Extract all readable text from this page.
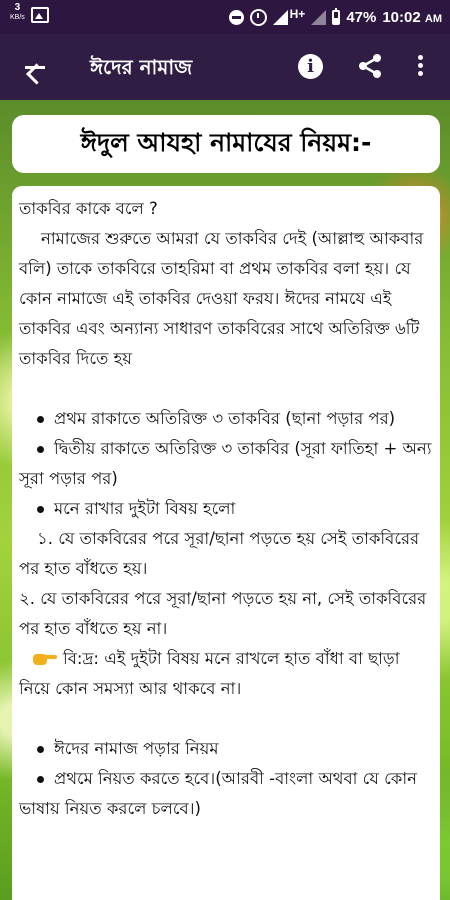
3
KB/s	H+	47% 10:02 AM
ঈদের নামাজ	i
ঈদুল আযহা নামাযের নিয়ম:-

তাকবির কাকে বলে ?

নামাজের শুরুতে আমরা যে তাকবির দেই (আল্লাহু আকবার বলি) তাকে তাকবিরে তাহরিমা বা প্রথম তাকবির বলা হয়। যে কোন নামাজে এই তাকবির দেওয়া ফরয। ঈদের নামযে এই তাকবির এবং অন্যান্য সাধারণ তাকবিরের সাথে অতিরিক্ত ৬টি তাকবির দিতে হয়

প্রথম রাকাতে অতিরিক্ত ৩ তাকবির (ছানা পড়ার পর)

দ্বিতীয় রাকাতে অতিরিক্ত ৩ তাকবির (সূরা ফাতিহা + অন্য সূরা পড়ার পর)

মনে রাখার দুইটা বিষয় হলো

১. যে তাকবিরের পরে সূরা/ছানা পড়তে হয় সেই তাকবিরের পর হাত বাঁধতে হয়।

২. যে তাকবিরের পরে সূরা/ছানা পড়তে হয় না, সেই তাকবিরের পর হাত বাঁধতে হয় না।

বি:দ্র: এই দুইটা বিষয় মনে রাখলে হাত বাঁধা বা ছাড়া নিয়ে কোন সমস্যা আর থাকবে না।

ঈদের নামাজ পড়ার নিয়ম

প্রথমে নিয়ত করতে হবে।(আরবী -বাংলা অথবা যে কোন ভাষায় নিয়ত করলে চলবে।)
